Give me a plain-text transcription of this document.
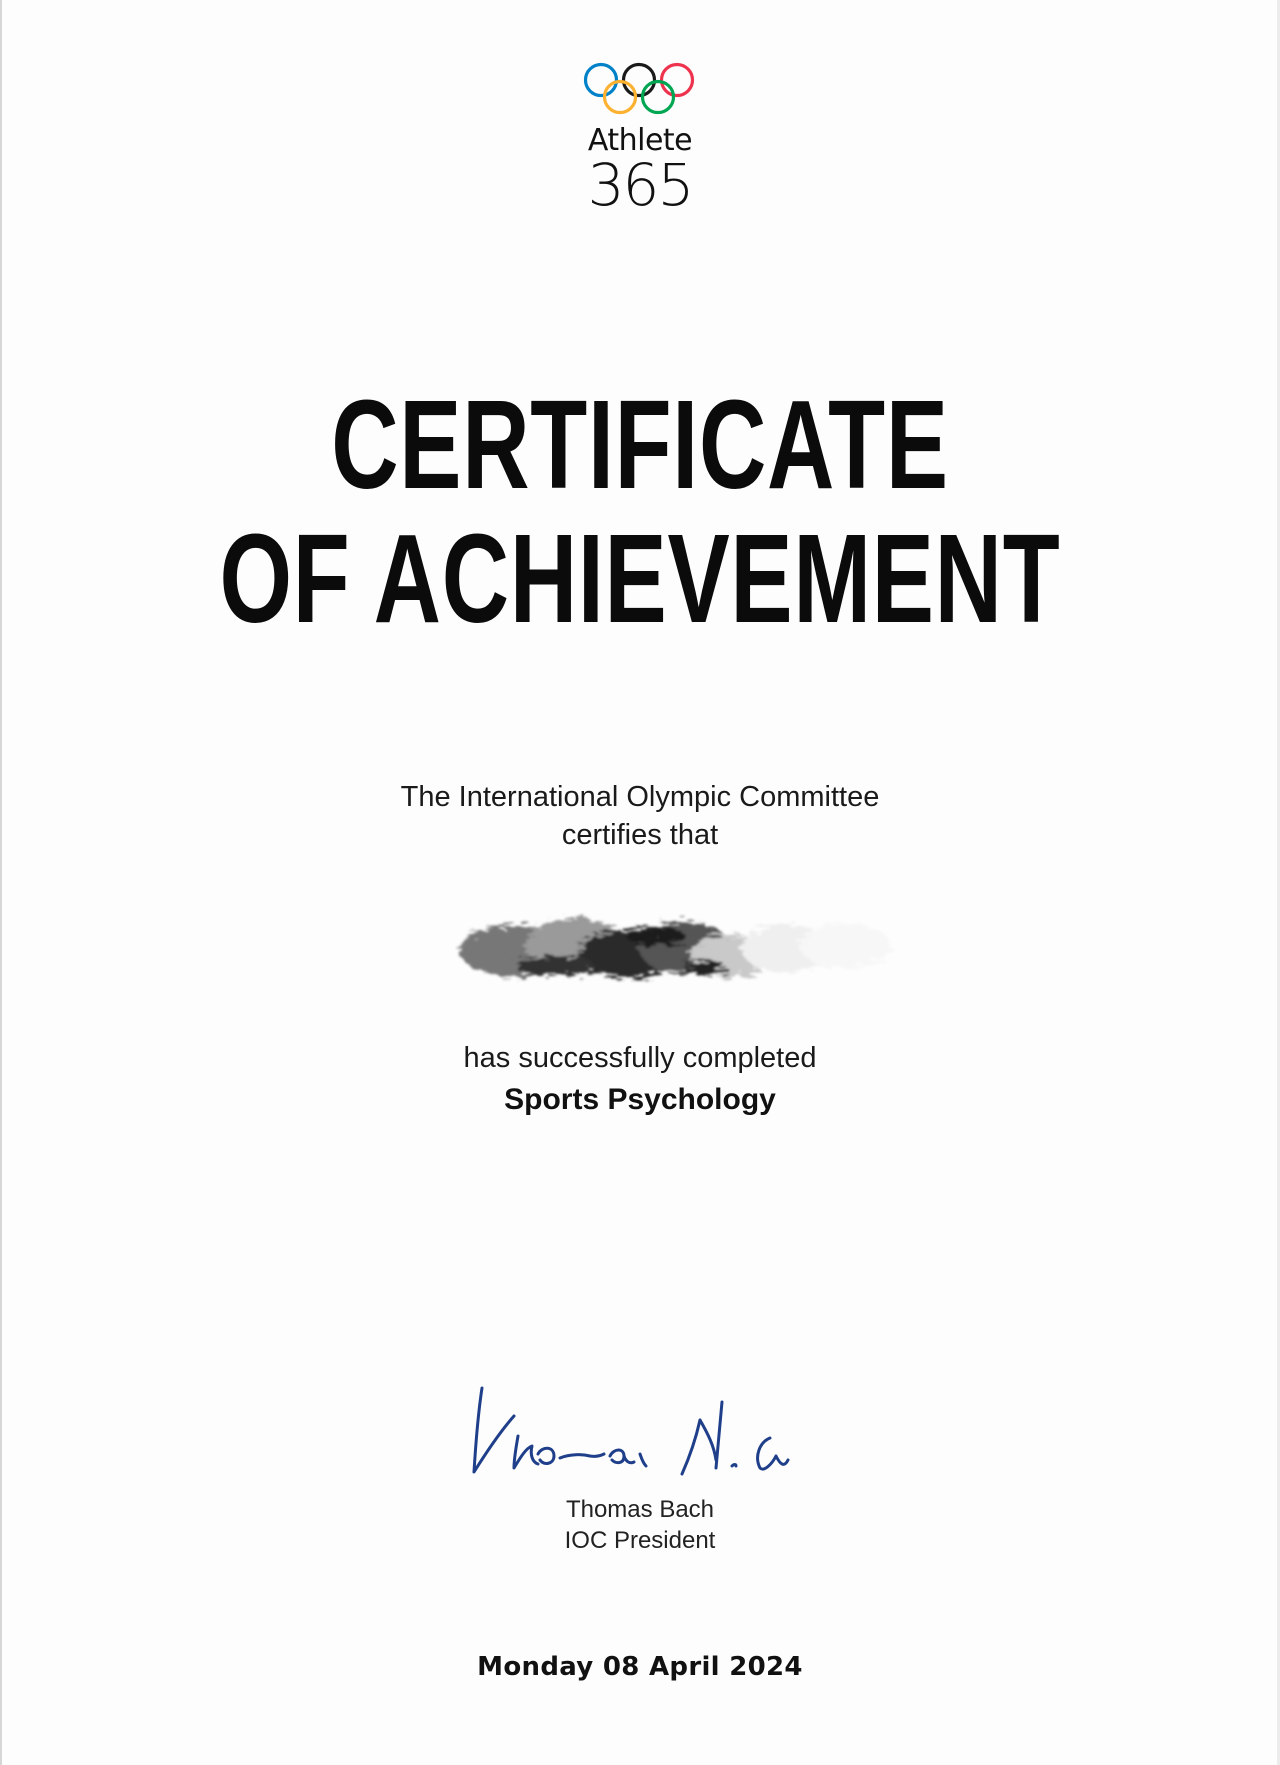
Athlete
365
CERTIFICATE
OF ACHIEVEMENT
The International Olympic Committee
certifies that
has successfully completed
Sports Psychology
Thomas Bach
IOC President
Monday 08 April 2024
